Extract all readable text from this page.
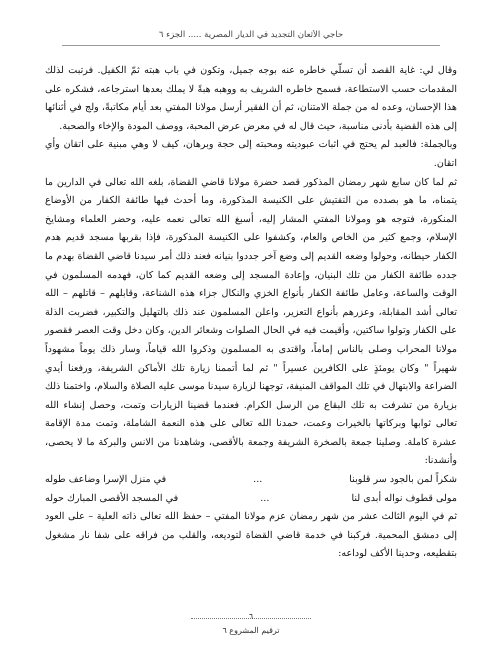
حاجي الأثعان التجديد في الديار المصرية ..... الجزء ٦

وقال لي: غاية القصد أن تسلّي خاطره عنه بوجه جميل، وتكون في باب هبته ثمّ الكفيل. فرتبت لذلك المقدمات حسب الاستطاعة، فسمح خاطره الشريف به ووهبه هبةً لا يملك بعدها استرجاعه، فشكره على هذا الإحسان، وعده له من جملة الامتنان، ثم أن الفقير أرسل مولانا المفتي بعد أيام مكاتبةً، ولج في أثنائها إلى هذه القضية بأدنى مناسبة، حيث قال له في معرض عرض المحبة، ووصف المودة والإخاء والصحبة.

وبالجملة: فالعبد لم يحتج في اثبات عبوديته ومحبته إلى حجة وبرهان، كيف لا وهي مبنية على اتقان وأي اتقان.

ثم لما كان سابع شهر رمضان المذكور قصد حضرة مولانا قاضي القضاة، بلغه الله تعالى في الدارين ما يتمناه، ما هو بصدده من التفتيش على الكنيسة المذكورة، وما أحدث فيها طائفة الكفار من الأوضاع المنكورة، فتوجه هو ومولانا المفتي المشار إليه، أسبغ الله تعالى نعمه عليه، وحضر العلماء ومشايخ الإسلام، وجمع كثير من الخاص والعام، وكشفوا على الكنيسة المذكورة، فإذا بقربها مسجد قديم هدم الكفار حيطانه، وحولوا وضعه القديم إلى وضع آخر جددوا بنيانه فعند ذلك أمر سيدنا قاضي القضاة بهدم ما جدده طائفة الكفار من تلك البنيان، وإعادة المسجد إلى وضعه القديم كما كان، فهدمه المسلمون في الوقت والساعة، وعامل طائفة الكفار بأنواع الخزي والنكال جزاء هذه الشناعة، وقابلهم – قاتلهم – الله تعالى أشد المقابلة، وعزرهم بأنواع التعزير، واعلن المسلمون عند ذلك بالتهليل والتكبير، فضربت الذلة على الكفار وتولوا ساكتين، وأقيمت فيه في الحال الصلوات وشعائر الدين، وكان دخل وقت العصر فقصور مولانا المحراب وصلى بالناس إماماً، واقتدى به المسلمون وذكروا الله قياماً، وسار ذلك يوماً مشهوداً شهيراً " وكان يومئذٍ على الكافرين عسيراً " ثم لما أتممنا زيارة تلك الأماكن الشريفة، ورفعنا أيدي الضراعة والابتهال في تلك المواقف المنيفة، توجهنا لزيارة سيدنا موسى عليه الصلاة والسلام، واختمنا ذلك بزيارة من تشرفت به تلك البقاع من الرسل الكرام. فعندما قضينا الزيارات وتمت، وحصل إنشاء الله تعالى ثوابها وبركاتها بالخيرات وعمت، حمدنا الله تعالى على هذه النعمة الشاملة، وتمت مدة الإقامة عشرة كاملة. وصلينا جمعة بالصخرة الشريفة وجمعة بالأقصى، وشاهدنا من الانس والبركة ما لا يحصى، وأنشدنا:

شكراً لمن بالجود سر قلوبنا
...
في منزل الإسرا وضاعف طوله
مولى قطوف نواله أبدى لنا
...
في المسجد الأقصى المبارك حوله

ثم في اليوم الثالث عشر من شهر رمضان عزم مولانا المفتي – حفظ الله تعالى ذاته العلية – على العود إلى دمشق المحمية. فركبنا في خدمة قاضي القضاة لتوديعه، والقلب من فراقه على شفا نار مشغول بتقطيعه، وحدينا الأكف لوداعه:

٦
ترقيم المشروع ٦
